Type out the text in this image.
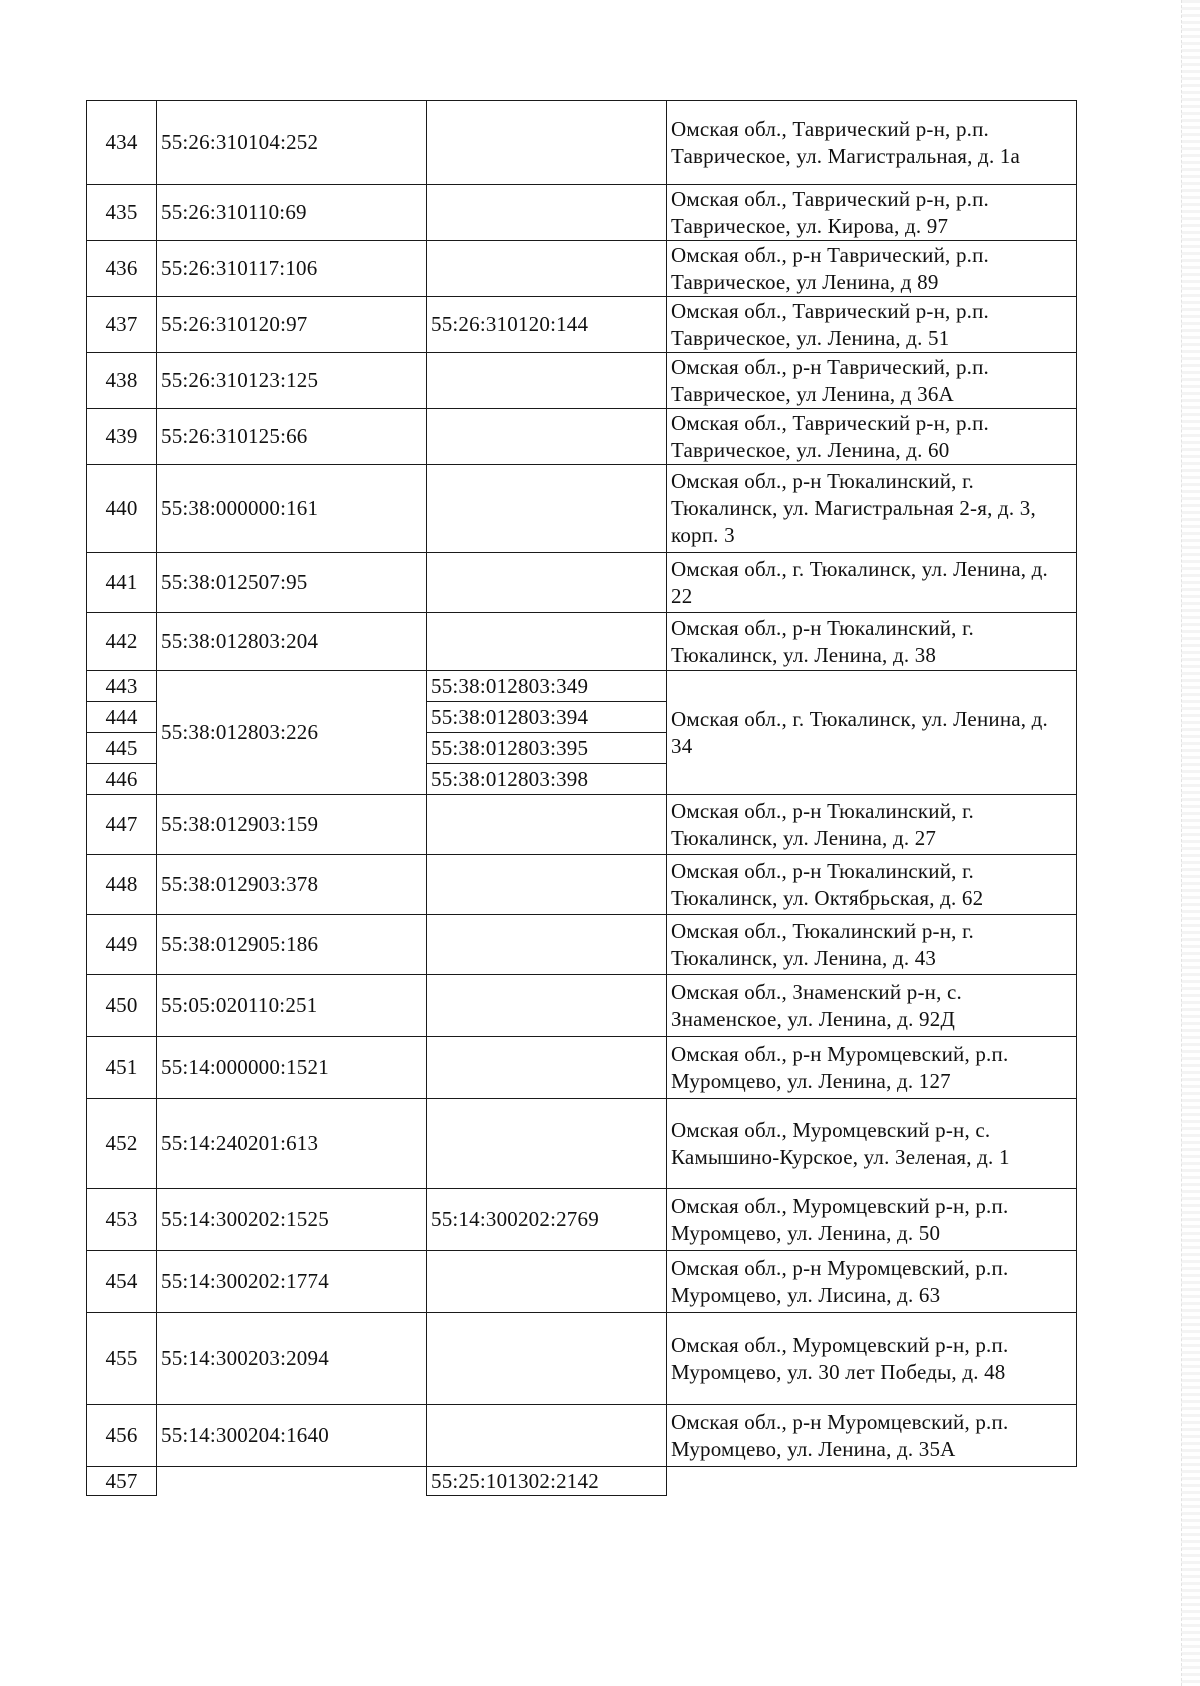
434	55:26:310104:252		Омская обл., Таврический р-н, р.п. Таврическое, ул. Магистральная, д. 1а
435	55:26:310110:69		Омская обл., Таврический р-н, р.п. Таврическое, ул. Кирова, д. 97
436	55:26:310117:106		Омская обл., р-н Таврический, р.п. Таврическое, ул Ленина, д 89
437	55:26:310120:97	55:26:310120:144	Омская обл., Таврический р-н, р.п. Таврическое, ул. Ленина, д. 51
438	55:26:310123:125		Омская обл., р-н Таврический, р.п. Таврическое, ул Ленина, д 36А
439	55:26:310125:66		Омская обл., Таврический р-н, р.п. Таврическое, ул. Ленина, д. 60
440	55:38:000000:161		Омская обл., р-н Тюкалинский, г. Тюкалинск, ул. Магистральная 2-я, д. 3, корп. 3
441	55:38:012507:95		Омская обл., г. Тюкалинск, ул. Ленина, д. 22
442	55:38:012803:204		Омская обл., р-н Тюкалинский, г. Тюкалинск, ул. Ленина, д. 38
443	55:38:012803:226	55:38:012803:349	Омская обл., г. Тюкалинск, ул. Ленина, д. 34
444		55:38:012803:394	
445		55:38:012803:395	
446		55:38:012803:398	
447	55:38:012903:159		Омская обл., р-н Тюкалинский, г. Тюкалинск, ул. Ленина, д. 27
448	55:38:012903:378		Омская обл., р-н Тюкалинский, г. Тюкалинск, ул. Октябрьская, д. 62
449	55:38:012905:186		Омская обл., Тюкалинский р-н, г. Тюкалинск, ул. Ленина, д. 43
450	55:05:020110:251		Омская обл., Знаменский р-н, с. Знаменское, ул. Ленина, д. 92Д
451	55:14:000000:1521		Омская обл., р-н Муромцевский, р.п. Муромцево, ул. Ленина, д. 127
452	55:14:240201:613		Омская обл., Муромцевский р-н, с. Камышино-Курское, ул. Зеленая, д. 1
453	55:14:300202:1525	55:14:300202:2769	Омская обл., Муромцевский р-н, р.п. Муромцево, ул. Ленина, д. 50
454	55:14:300202:1774		Омская обл., р-н Муромцевский, р.п. Муромцево, ул. Лисина, д. 63
455	55:14:300203:2094		Омская обл., Муромцевский р-н, р.п. Муромцево, ул. 30 лет Победы, д. 48
456	55:14:300204:1640		Омская обл., р-н Муромцевский, р.п. Муромцево, ул. Ленина, д. 35А
457		55:25:101302:2142	
